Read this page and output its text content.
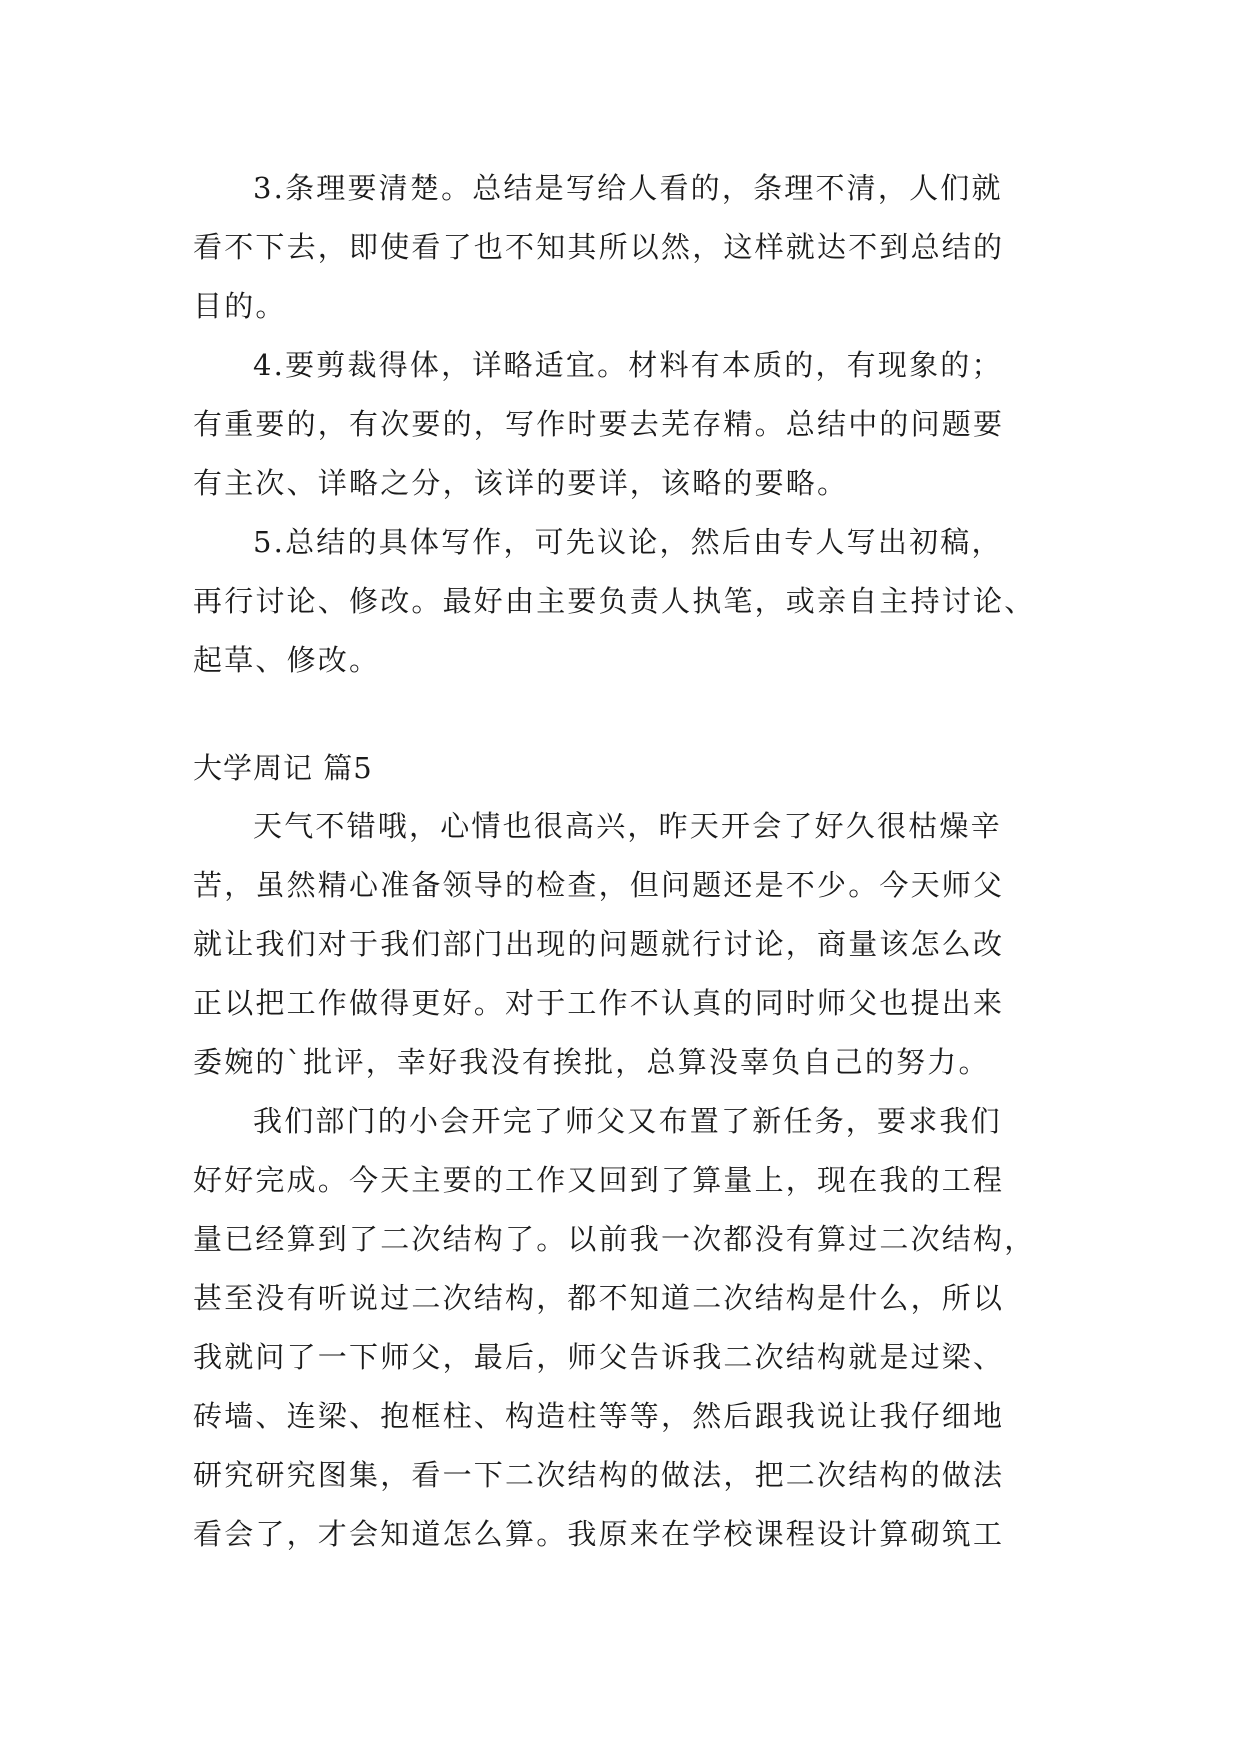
3.条理要清楚。总结是写给人看的，条理不清，人们就
看不下去，即使看了也不知其所以然，这样就达不到总结的
目的。
4.要剪裁得体，详略适宜。材料有本质的，有现象的；
有重要的，有次要的，写作时要去芜存精。总结中的问题要
有主次、详略之分，该详的要详，该略的要略。
5.总结的具体写作，可先议论，然后由专人写出初稿，
再行讨论、修改。最好由主要负责人执笔，或亲自主持讨论、
起草、修改。
大学周记 篇5
天气不错哦，心情也很高兴，昨天开会了好久很枯燥辛
苦，虽然精心准备领导的检查，但问题还是不少。今天师父
就让我们对于我们部门出现的问题就行讨论，商量该怎么改
正以把工作做得更好。对于工作不认真的同时师父也提出来
委婉的`批评，幸好我没有挨批，总算没辜负自己的努力。
我们部门的小会开完了师父又布置了新任务，要求我们
好好完成。今天主要的工作又回到了算量上，现在我的工程
量已经算到了二次结构了。以前我一次都没有算过二次结构，
甚至没有听说过二次结构，都不知道二次结构是什么，所以
我就问了一下师父，最后，师父告诉我二次结构就是过梁、
砖墙、连梁、抱框柱、构造柱等等，然后跟我说让我仔细地
研究研究图集，看一下二次结构的做法，把二次结构的做法
看会了，才会知道怎么算。我原来在学校课程设计算砌筑工
